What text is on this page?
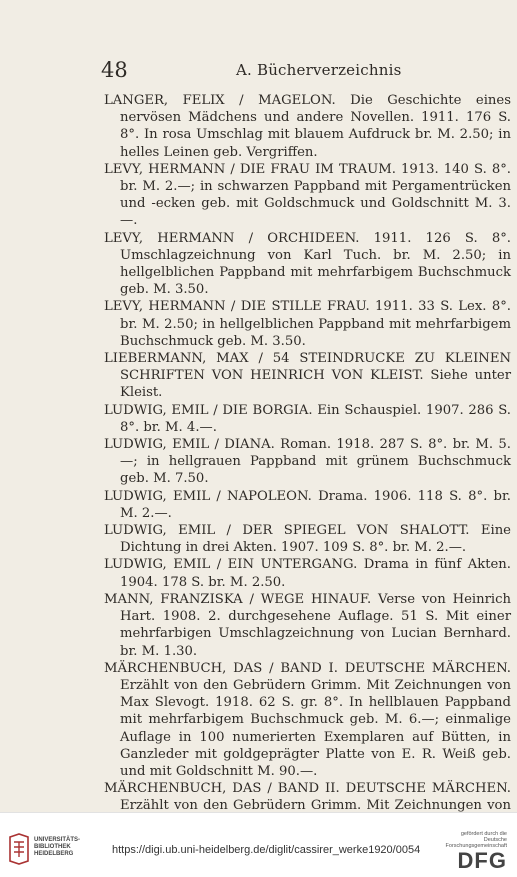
48	A. Bücherverzeichnis
LANGER, FELIX / MAGELON. Die Geschichte eines nervösen Mädchens und andere Novellen. 1911. 176 S. 8°. In rosa Umschlag mit blauem Aufdruck br. M. 2.50; in helles Leinen geb. Vergriffen.
LEVY, HERMANN / DIE FRAU IM TRAUM. 1913. 140 S. 8°. br. M. 2.—; in schwarzen Pappband mit Pergamentrücken und -ecken geb. mit Goldschmuck und Goldschnitt M. 3.—.
LEVY, HERMANN / ORCHIDEEN. 1911. 126 S. 8°. Umschlagzeichnung von Karl Tuch. br. M. 2.50; in hellgelblichen Pappband mit mehrfarbigem Buchschmuck geb. M. 3.50.
LEVY, HERMANN / DIE STILLE FRAU. 1911. 33 S. Lex. 8°. br. M. 2.50; in hellgelblichen Pappband mit mehrfarbigem Buchschmuck geb. M. 3.50.
LIEBERMANN, MAX / 54 STEINDRUCKE ZU KLEINEN SCHRIFTEN VON HEINRICH VON KLEIST. Siehe unter Kleist.
LUDWIG, EMIL / DIE BORGIA. Ein Schauspiel. 1907. 286 S. 8°. br. M. 4.—.
LUDWIG, EMIL / DIANA. Roman. 1918. 287 S. 8°. br. M. 5.—; in hellgrauen Pappband mit grünem Buchschmuck geb. M. 7.50.
LUDWIG, EMIL / NAPOLEON. Drama. 1906. 118 S. 8°. br. M. 2.—.
LUDWIG, EMIL / DER SPIEGEL VON SHALOTT. Eine Dichtung in drei Akten. 1907. 109 S. 8°. br. M. 2.—.
LUDWIG, EMIL / EIN UNTERGANG. Drama in fünf Akten. 1904. 178 S. br. M. 2.50.
MANN, FRANZISKA / WEGE HINAUF. Verse von Heinrich Hart. 1908. 2. durchgesehene Auflage. 51 S. Mit einer mehrfarbigen Umschlagzeichnung von Lucian Bernhard. br. M. 1.30.
MÄRCHENBUCH, DAS / BAND I. DEUTSCHE MÄRCHEN. Erzählt von den Gebrüdern Grimm. Mit Zeichnungen von Max Slevogt. 1918. 62 S. gr. 8°. In hellblauen Pappband mit mehrfarbigem Buchschmuck geb. M. 6.—; einmalige Auflage in 100 numerierten Exemplaren auf Bütten, in Ganzleder mit goldgeprägter Platte von E. R. Weiß geb. und mit Goldschnitt M. 90.—.
MÄRCHENBUCH, DAS / BAND II. DEUTSCHE MÄRCHEN. Erzählt von den Gebrüdern Grimm. Mit Zeichnungen von
UNIVERSITÄTS-
BIBLIOTHEK
HEIDELBERG	https://digi.ub.uni-heidelberg.de/diglit/cassirer_werke1920/0054
gefördert durch die
Deutsche
Forschungsgemeinschaft
DFG
